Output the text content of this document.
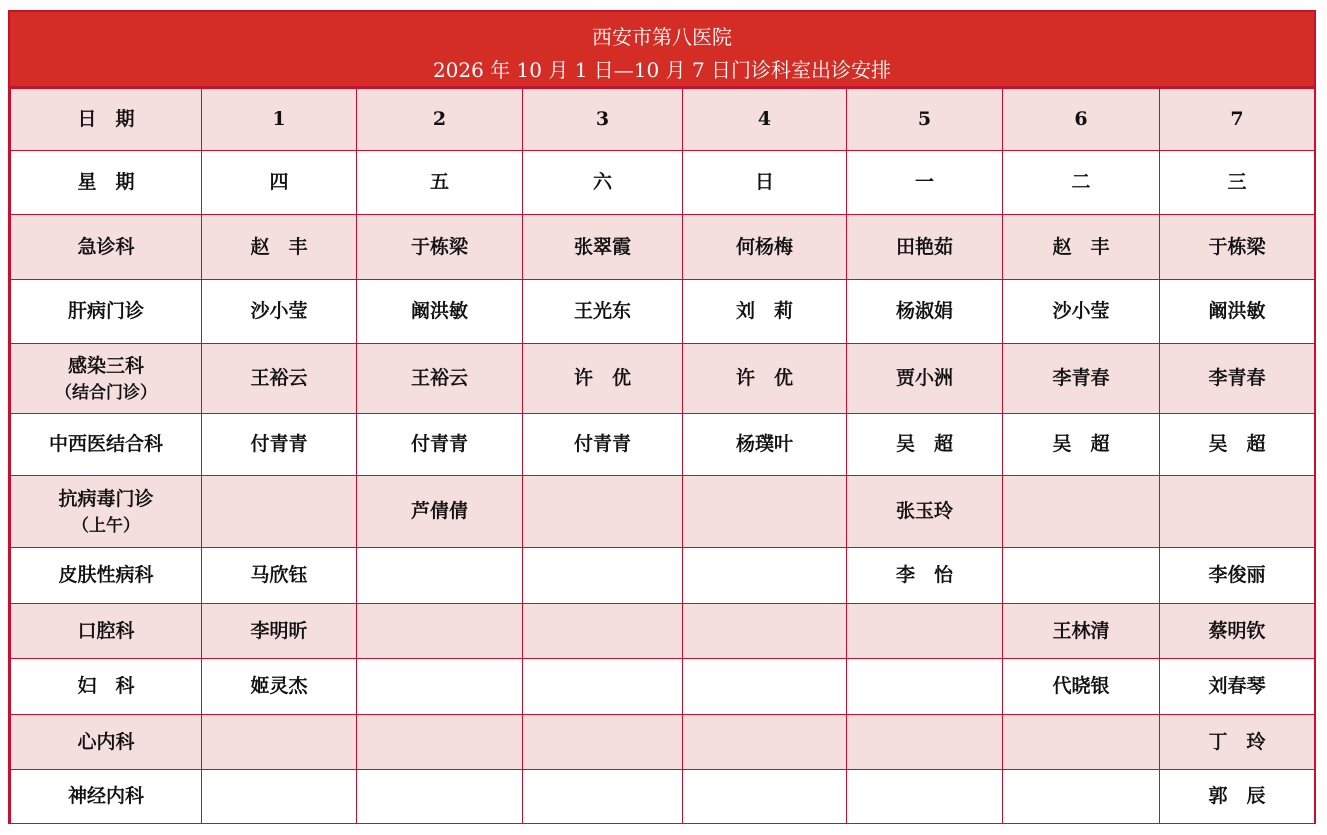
西安市第八医院
2026 年 10 月 1 日—10 月 7 日门诊科室出诊安排
日　期	1	2	3	4	5	6	7
星　期	四	五	六	日	一	二	三
急诊科	赵　丰	于栋梁	张翠霞	何杨梅	田艳茹	赵　丰	于栋梁
肝病门诊	沙小莹	阚洪敏	王光东	刘　莉	杨淑娟	沙小莹	阚洪敏
感染三科
（结合门诊）	王裕云	王裕云	许　优	许　优	贾小洲	李青春	李青春
中西医结合科	付青青	付青青	付青青	杨璞叶	吴　超	吴　超	吴　超
抗病毒门诊
（上午）		芦倩倩			张玉玲		
皮肤性病科	马欣钰				李　怡		李俊丽
口腔科	李明昕					王林清	蔡明钦
妇　科	姬灵杰					代晓银	刘春琴
心内科							丁　玲
神经内科							郭　辰
